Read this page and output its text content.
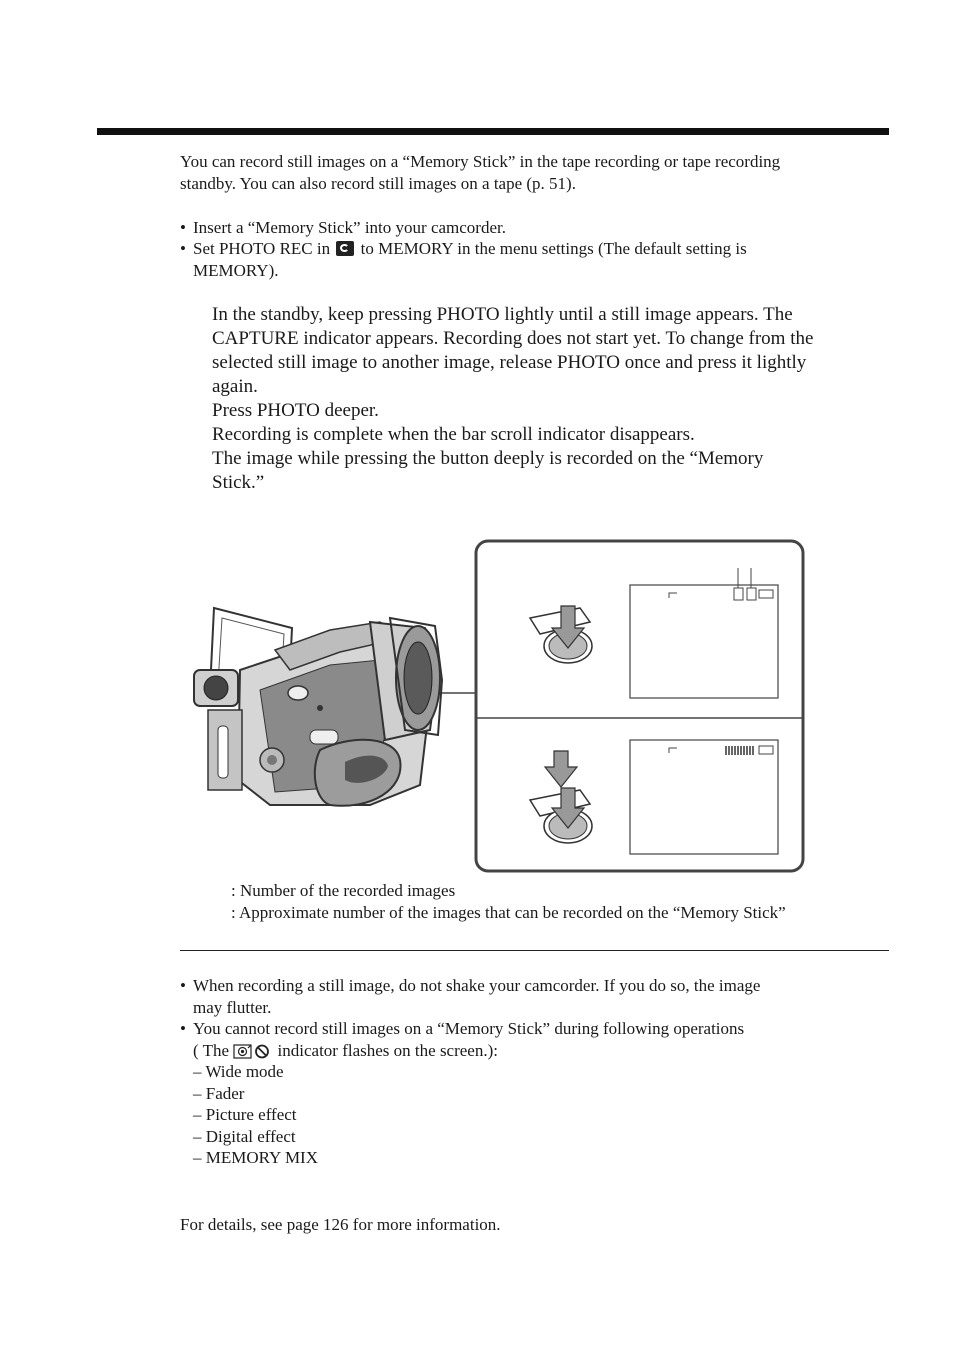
You can record still images on a “Memory Stick” in the tape recording or tape recording
standby. You can also record still images on a tape (p. 51).
• Insert a “Memory Stick” into your camcorder.
• Set PHOTO REC in to MEMORY in the menu settings (The default setting is
MEMORY).

In the standby, keep pressing PHOTO lightly until a still image appears. The

CAPTURE indicator appears. Recording does not start yet. To change from the

selected still image to another image, release PHOTO once and press it lightly

again.

Press PHOTO deeper.

Recording is complete when the bar scroll indicator disappears.

The image while pressing the button deeply is recorded on the “Memory

Stick.”

: Number of the recorded images
: Approximate number of the images that can be recorded on the “Memory Stick”
• When recording a still image, do not shake your camcorder. If you do so, the image
may flutter.
• You cannot record still images on a “Memory Stick” during following operations
( The	indicator flashes on the screen.):
– Wide mode
– Fader
– Picture effect
– Digital effect
– MEMORY MIX
For details, see page 126 for more information.
